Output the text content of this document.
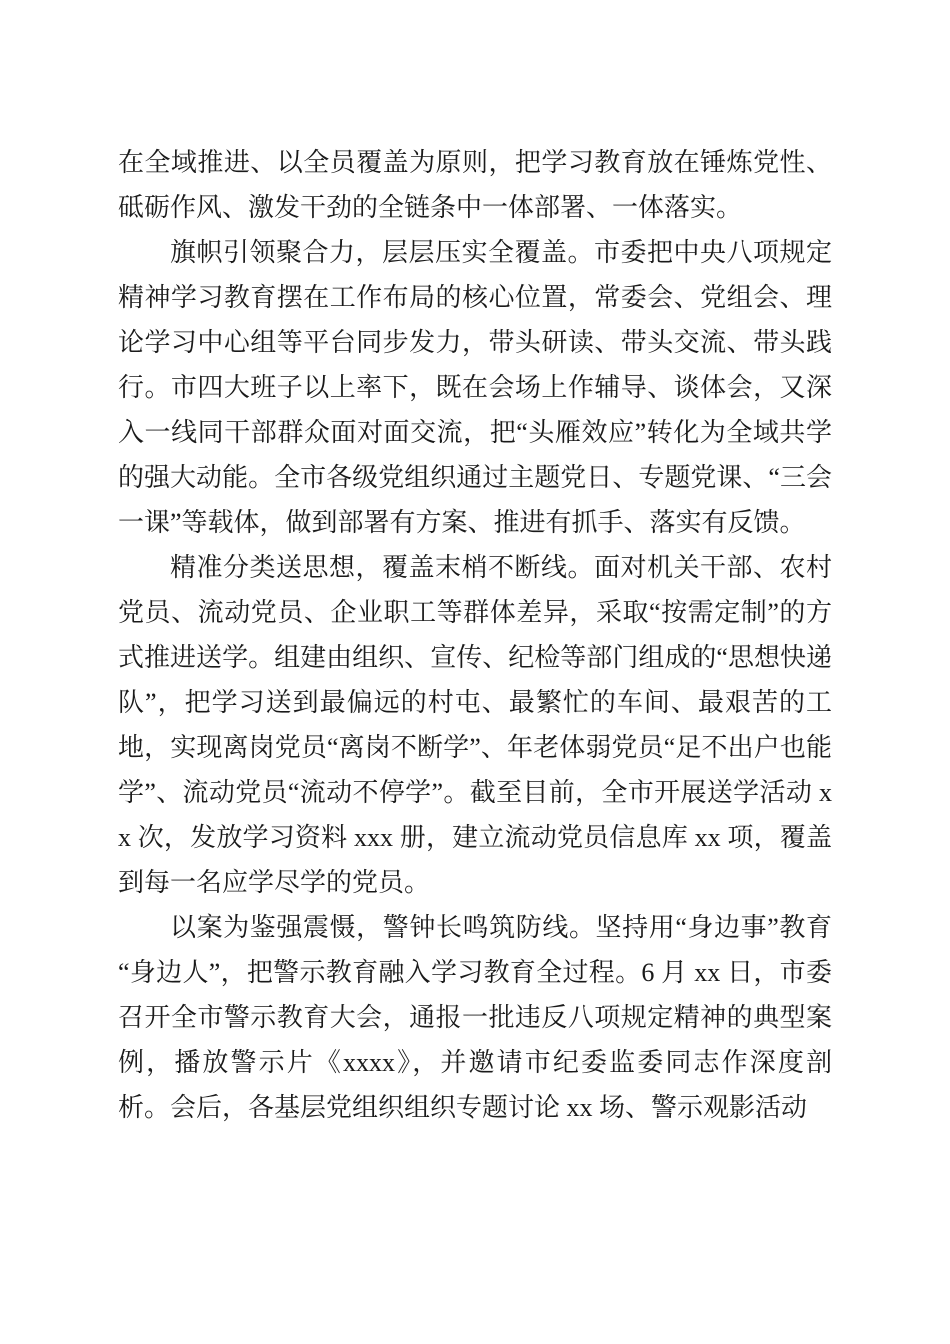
在全域推进、以全员覆盖为原则，把学习教育放在锤炼党性、砥砺作风、激发干劲的全链条中一体部署、一体落实。

旗帜引领聚合力，层层压实全覆盖。市委把中央八项规定精神学习教育摆在工作布局的核心位置，常委会、党组会、理论学习中心组等平台同步发力，带头研读、带头交流、带头践行。市四大班子以上率下，既在会场上作辅导、谈体会，又深入一线同干部群众面对面交流，把“头雁效应”转化为全域共学的强大动能。全市各级党组织通过主题党日、专题党课、“三会一课”等载体，做到部署有方案、推进有抓手、落实有反馈。

精准分类送思想，覆盖末梢不断线。面对机关干部、农村党员、流动党员、企业职工等群体差异，采取“按需定制”的方式推进送学。组建由组织、宣传、纪检等部门组成的“思想快递队”，把学习送到最偏远的村屯、最繁忙的车间、最艰苦的工地，实现离岗党员“离岗不断学”、年老体弱党员“足不出户也能学”、流动党员“流动不停学”。截至目前，全市开展送学活动 xx 次，发放学习资料 xxx 册，建立流动党员信息库 xx 项，覆盖到每一名应学尽学的党员。

以案为鉴强震慑，警钟长鸣筑防线。坚持用“身边事”教育“身边人”，把警示教育融入学习教育全过程。6 月 xx 日，市委召开全市警示教育大会，通报一批违反八项规定精神的典型案例，播放警示片《xxxx》，并邀请市纪委监委同志作深度剖析。会后，各基层党组织组织专题讨论 xx 场、警示观影活动
